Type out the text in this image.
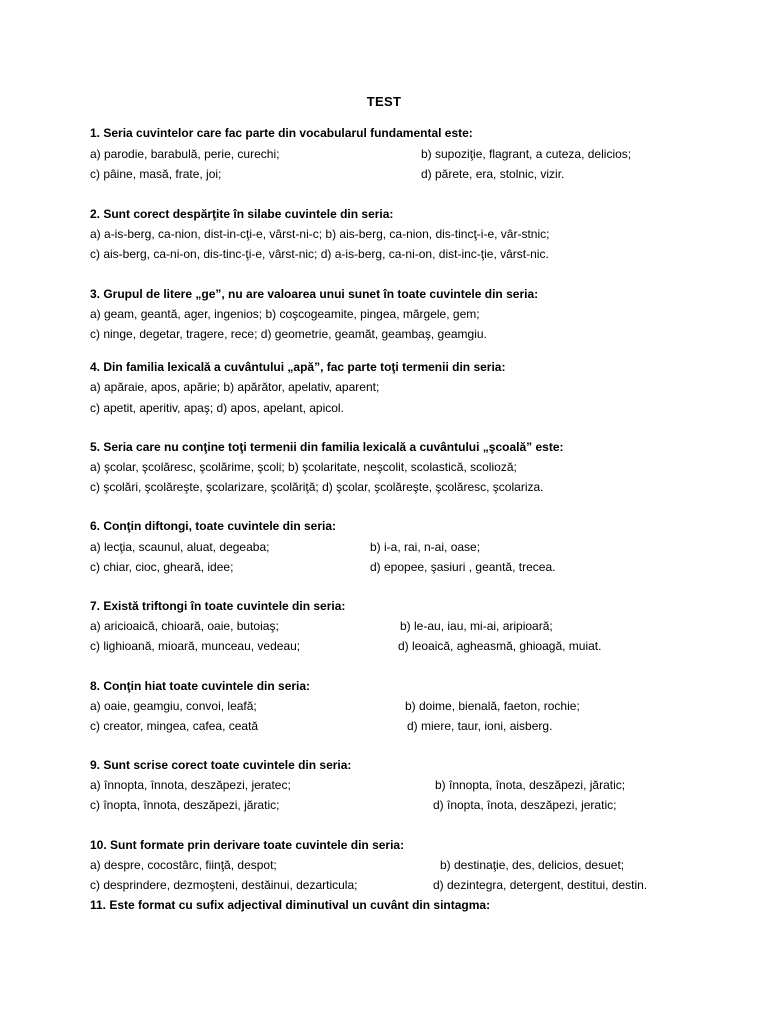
TEST
1. Seria cuvintelor care fac parte din vocabularul fundamental este:
a) parodie, barabulă, perie, curechi;	b) supoziţie, flagrant, a cuteza, delicios;
c) pâine, masă, frate, joi;	d) părete, era, stolnic, vizir.
2. Sunt corect despărţite în silabe cuvintele din seria:
a) a-is-berg, ca-nion, dist-in-cţi-e, vârst-ni-c; b) ais-berg, ca-nion, dis-tincţ-i-e, vâr-stnic;
c) ais-berg, ca-ni-on, dis-tinc-ţi-e, vârst-nic; d) a-is-berg, ca-ni-on, dist-inc-ţie, vârst-nic.
3. Grupul de litere „ge”, nu are valoarea unui sunet în toate cuvintele din seria:
a) geam, geantă, ager, ingenios; b) coşcogeamite, pingea, mărgele, gem;
c) ninge, degetar, tragere, rece; d) geometrie, geamăt, geambaş, geamgiu.
4. Din familia lexicală a cuvântului „apă”, fac parte toţi termenii din seria:
a) apăraie, apos, apărie; b) apărător, apelativ, aparent;
c) apetit, aperitiv, apaş; d) apos, apelant, apicol.
5. Seria care nu conţine toţi termenii din familia lexicală a cuvântului „şcoală” este:
a) şcolar, şcolăresc, şcolărime, şcoli; b) şcolaritate, neşcolit, scolastică, scolioză;
c) şcolări, şcolăreşte, şcolarizare, şcolăriţă; d) şcolar, şcolăreşte, şcolăresc, şcolariza.
6. Conţin diftongi, toate cuvintele din seria:
a) lecţia, scaunul, aluat, degeaba;	b) i-a, rai, n-ai, oase;
c) chiar, cioc, gheară, idee;	d) epopee, şasiuri , geantă, trecea.
7. Există triftongi în toate cuvintele din seria:
a) aricioaică, chioară, oaie, butoiaş;	b) le-au, iau, mi-ai, aripioară;
c) lighioană, mioară, munceau, vedeau;	d) leoaică, agheasmă, ghioagă, muiat.
8. Conţin hiat toate cuvintele din seria:
a) oaie, geamgiu, convoi, leafă;	b) doime, bienală, faeton, rochie;
c) creator, mingea, cafea, ceată	d) miere, taur, ioni, aisberg.
9. Sunt scrise corect toate cuvintele din seria:
a) înnopta, înnota, deszăpezi, jeratec;	b) înnopta, înota, deszăpezi, jăratic;
c) înopta, înnota, deszăpezi, jăratic;	d) înopta, înota, deszăpezi, jeratic;
10. Sunt formate prin derivare toate cuvintele din seria:
a) despre, cocostârc, fiinţă, despot;	b) destinaţie, des, delicios, desuet;
c) desprindere, dezmoşteni, destăinui, dezarticula;	d) dezintegra, detergent, destitui, destin.
11. Este format cu sufix adjectival diminutival un cuvânt din sintagma:
